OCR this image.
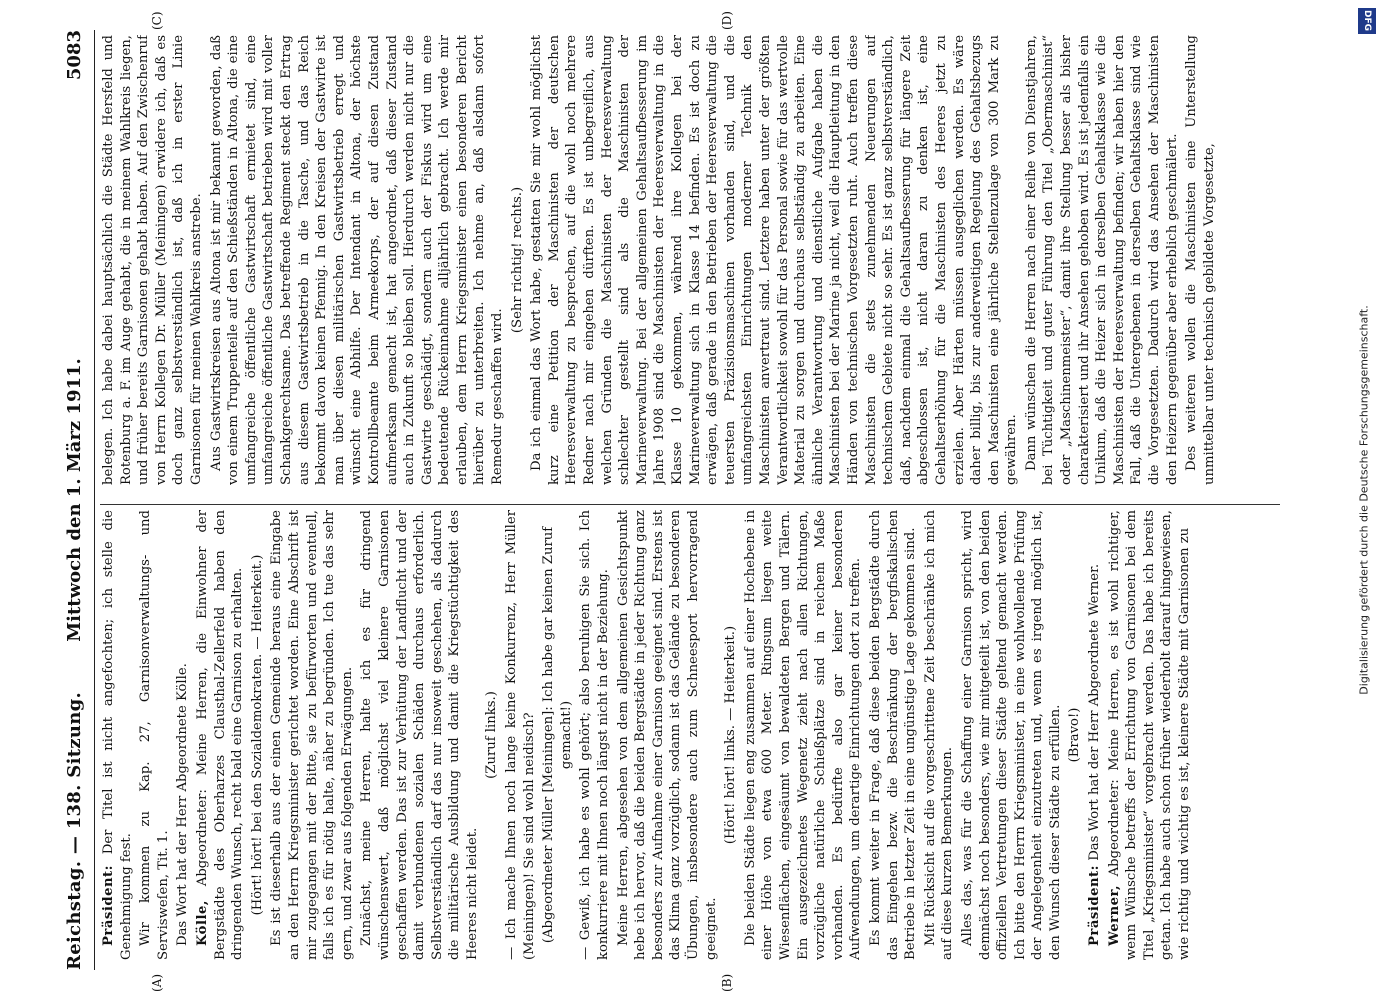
Reichstag. — 138. Sitzung.
Mittwoch den 1. März 1911.
5083
(A)	(B)
(C)	(D)

Präsident: Der Titel ist nicht angefochten; ich stelle die Genehmigung fest. Wir kommen zu Kap. 27, Garnisonverwaltungs- und Servisweſen, Tit. 1. Das Wort hat der Herr Abgeordnete Kölle. Kölle, Abgeordneter: Meine Herren, die Einwohner der Bergstädte des Oberharzes Clausthal-Zellerfeld haben den dringenden Wunsch, recht bald eine Garnison zu erhalten. (Hört! hört! bei den Sozialdemokraten. — Heiterkeit.) Es ist dieserhalb aus der einen Gemeinde heraus eine Eingabe an den Herrn Kriegsminister gerichtet worden. Eine Abschrift ist mir zugegangen mit der Bitte, sie zu befürworten und eventuell, falls ich es für nötig halte, näher zu begründen. Ich tue das sehr gern, und zwar aus folgenden Erwägungen. Zunächst, meine Herren, halte ich es für dringend wünschenswert, daß möglichst viel kleinere Garnisonen geschaffen werden. Das ist zur Verhütung der Landflucht und der damit verbundenen sozialen Schäden durchaus erforderlich. Selbstverständlich darf das nur insoweit geschehen, als dadurch die militärische Ausbildung und damit die Kriegstüchtigkeit des Heeres nicht leidet.

(Zuruf links.) — Ich mache Ihnen noch lange keine Konkurrenz, Herr Müller (Meiningen)! Sie sind wohl neidisch? (Abgeordneter Müller [Meiningen]: Ich habe gar keinen Zuruf gemacht!) — Gewiß, ich habe es wohl gehört; also beruhigen Sie sich. Ich konkurriere mit Ihnen noch längst nicht in der Beziehung. Meine Herren, abgesehen von dem allgemeinen Gesichtspunkt hebe ich hervor, daß die beiden Bergstädte in jeder Richtung ganz besonders zur Aufnahme einer Garnison geeignet sind. Erstens ist das Klima ganz vorzüglich, sodann ist das Gelände zu besonderen Übungen, insbesondere auch zum Schneesport hervorragend geeignet.

(Hört! hört! links. — Heiterkeit.) Die beiden Städte liegen eng zusammen auf einer Hochebene in einer Höhe von etwa 600 Meter. Ringsum liegen weite Wiesenflächen, eingesäumt von bewaldeten Bergen und Tälern. Ein ausgezeichnetes Wegenetz zieht nach allen Richtungen, vorzügliche natürliche Schießplätze sind in reichem Maße vorhanden. Es bedürfte also gar keiner besonderen Aufwendungen, um derartige Einrichtungen dort zu treffen. Es kommt weiter in Frage, daß diese beiden Bergstädte durch das Eingehen bezw. die Beschränkung der bergfiskalischen Betriebe in letzter Zeit in eine ungünstige Lage gekommen sind. Mit Rücksicht auf die vorgeschrittene Zeit beschränke ich mich auf diese kurzen Bemerkungen. Alles das, was für die Schaffung einer Garnison spricht, wird demnächst noch besonders, wie mir mitgeteilt ist, von den beiden offiziellen Vertretungen dieser Städte geltend gemacht werden. Ich bitte den Herrn Kriegsminister, in eine wohlwollende Prüfung der Angelegenheit einzutreten und, wenn es irgend möglich ist, den Wunsch dieser Städte zu erfüllen. (Bravo!)

Präsident: Das Wort hat der Herr Abgeordnete Werner.

Werner, Abgeordneter: Meine Herren, es ist wohl richtiger, wenn Wünsche betreffs der Errichtung von Garnisonen bei dem Titel „Kriegsminister“ vorgebracht werden. Das habe ich bereits getan. Ich habe auch schon früher wiederholt darauf hingewiesen, wie richtig und wichtig es ist, kleinere Städte mit Garnisonen zu

belegen. Ich habe dabei hauptsächlich die Städte Hersfeld und Rotenburg a. F. im Auge gehabt, die in meinem Wahlkreis liegen, und früher bereits Garnisonen gehabt haben. Auf den Zwischenruf von Herrn Kollegen Dr. Müller (Meiningen) erwidere ich, daß es doch ganz selbstverständlich ist, daß ich in erster Linie Garnisonen für meinen Wahlkreis anstrebe. Aus Gastwirtskreisen aus Altona ist mir bekannt geworden, daß von einem Truppenteile auf den Schießständen in Altona, die eine umfangreiche öffentliche Gastwirtschaft ermietet sind, eine umfangreiche öffentliche Gastwirtschaft betrieben wird mit voller Schankgerechtsame. Das betreffende Regiment steckt den Ertrag aus diesem Gastwirtsbetrieb in die Tasche, und das Reich bekommt davon keinen Pfennig. In den Kreisen der Gastwirte ist man über diesen militärischen Gastwirtsbetrieb erregt und wünscht eine Abhilfe. Der Intendant in Altona, der höchste Kontrollbeamte beim Armeekorps, der auf diesen Zustand aufmerksam gemacht ist, hat angeordnet, daß dieser Zustand auch in Zukunft so bleiben soll. Hierdurch werden nicht nur die Gastwirte geschädigt, sondern auch der Fiskus wird um eine bedeutende Rückeinnahme alljährlich gebracht. Ich werde mir erlauben, dem Herrn Kriegsminister einen besonderen Bericht hierüber zu unterbreiten. Ich nehme an, daß alsdann sofort Remedur geschaffen wird.

(Sehr richtig! rechts.) Da ich einmal das Wort habe, gestatten Sie mir wohl möglichst kurz eine Petition der Maschinisten der deutschen Heeresverwaltung zu besprechen, auf die wohl noch mehrere Redner nach mir eingehen dürften. Es ist unbegreiflich, aus welchen Gründen die Maschinisten der Heeresverwaltung schlechter gestellt sind als die Maschinisten der Marineverwaltung. Bei der allgemeinen Gehaltsaufbesserung im Jahre 1908 sind die Maschinisten der Heeresverwaltung in die Klasse 10 gekommen, während ihre Kollegen bei der Marineverwaltung sich in Klasse 14 befinden. Es ist doch zu erwägen, daß gerade in den Betrieben der Heeresverwaltung die teuersten Präzisionsmaschinen vorhanden sind, und die umfangreichsten Einrichtungen moderner Technik den Maschinisten anvertraut sind. Letztere haben unter der größten Verantwortlichkeit sowohl für das Personal sowie für das wertvolle Material zu sorgen und durchaus selbständig zu arbeiten. Eine ähnliche Verantwortung und dienstliche Aufgabe haben die Maschinisten bei der Marine ja nicht, weil die Hauptleitung in den Händen von technischen Vorgesetzten ruht. Auch treffen diese Maschinisten die stets zunehmenden Neuerungen auf technischem Gebiete nicht so sehr. Es ist ganz selbstverständlich, daß, nachdem einmal die Gehaltsaufbesserung für längere Zeit abgeschlossen ist, nicht daran zu denken ist, eine Gehaltserhöhung für die Maschinisten des Heeres jetzt zu erzielen. Aber Härten müssen ausgeglichen werden. Es wäre daher billig, bis zur anderweitigen Regelung des Gehaltsbezugs den Maschinisten eine jährliche Stellenzulage von 300 Mark zu gewähren. Dann wünschen die Herren nach einer Reihe von Dienstjahren, bei Tüchtigkeit und guter Führung den Titel „Obermaschinist“ oder „Maschinenmeister“, damit ihre Stellung besser als bisher charakterisiert und ihr Ansehen gehoben wird. Es ist jedenfalls ein Unikum, daß die Heizer sich in derselben Gehaltsklasse wie die Maschinisten der Heeresverwaltung befinden; wir haben hier den Fall, daß die Untergebenen in derselben Gehaltsklasse sind wie die Vorgesetzten. Dadurch wird das Ansehen der Maschinisten den Heizern gegenüber aber erheblich geschmälert. Des weiteren wollen die Maschinisten eine Unterstellung unmittelbar unter technisch gebildete Vorgesetzte,	Digitalisierung gefördert durch die Deutsche Forschungsgemeinschaft.
DFG
